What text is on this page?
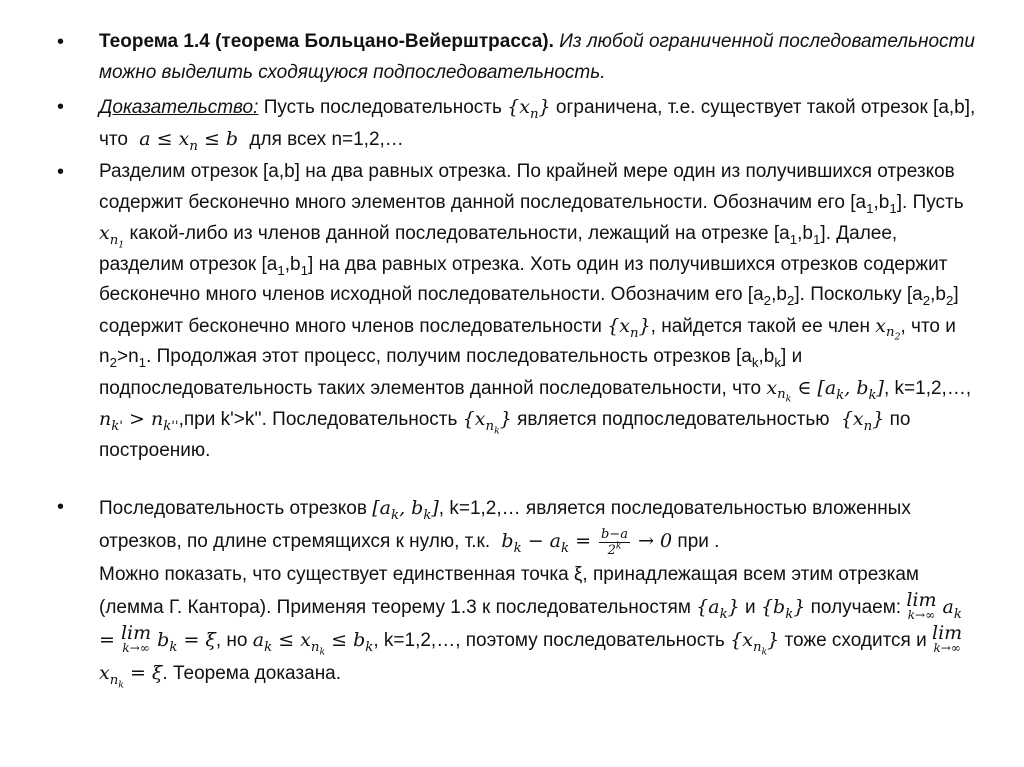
• Теорема 1.4 (теорема Больцано-Вейерштрасса). Из любой ограниченной последовательности можно выделить сходящуюся подпоследовательность.
• Доказательство: Пусть последовательность {𝑥$_𝑛$} ограничена, т.е. существует такой отрезок [a,b], что  𝑎 ≤ 𝑥$_𝑛$ ≤ 𝑏  для всех n=1,2,…
• Разделим отрезок [a,b] на два равных отрезка. По крайней мере один из получившихся отрезков содержит бесконечно много элементов данной последовательности. Обозначим его $[a_1,b_1]$. Пусть 𝑥$_{𝑛_1}$ какой-либо из членов данной последовательности, лежащий на отрезке $[a_1,b_1]$. Далее, разделим отрезок $[a_1,b_1]$ на два равных отрезка. Хоть один из получившихся отрезков содержит бесконечно много членов исходной последовательности. Обозначим его $[a_2,b_2]$. Поскольку $[a_2,b_2]$ содержит бесконечно много членов последовательности {𝑥$_𝑛$}, найдется такой ее член 𝑥$_{𝑛_2}$, что и $n_2>n_1$. Продолжая этот процесс, получим последовательность отрезков $[a_k,b_k]$ и подпоследовательность таких элементов данной последовательности, что 𝑥$_{𝑛_𝑘}$ ∈ [𝑎$_𝑘$, 𝑏$_𝑘$], k=1,2,…, 𝑛$_{𝑘'}$ > 𝑛$_{𝑘''}$,при k'>k''. Последовательность {𝑥$_{𝑛_𝑘}$} является подпоследовательностью  {𝑥$_𝑛$} по построению.
• Последовательность отрезков [𝑎$_𝑘$, 𝑏$_𝑘$], k=1,2,… является последовательностью вложенных отрезков, по длине стремящихся к нулю, т.к.  𝑏$_𝑘$ − 𝑎$_𝑘$ = $\frac{\text{𝑏−𝑎}}{2^𝑘} \to 0$ при .
Можно показать, что существует единственная точка ξ, принадлежащая всем этим отрезкам (лемма Г. Кантора). Применяя теорему 1.3 к последовательностям {𝑎$_𝑘$} и {𝑏$_𝑘$} получаем: lim
𝑘→∞ 𝑎$_𝑘$ = lim
𝑘→∞ 𝑏$_𝑘$ = 𝜉, но 𝑎$_𝑘$ ≤ 𝑥$_{𝑛_𝑘}$ ≤ 𝑏$_𝑘$, k=1,2,…, поэтому последовательность {𝑥$_{𝑛_𝑘}$} тоже сходится и lim
𝑘→∞
𝑥$_{𝑛_𝑘}$ = 𝜉. Теорема доказана.
